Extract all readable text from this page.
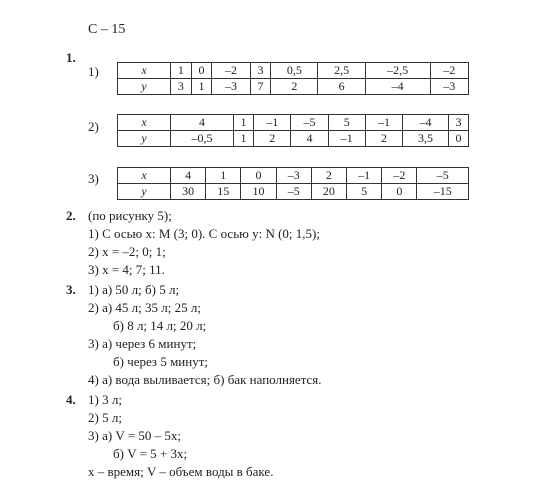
С – 15
1.
1)	x	1	0	–2	3	0,5	2,5	–2,5	–2
y	3	1	–3	7	2	6	–4	–3
2)	x	4	1	–1	–5	5	–1	–4	3
y	–0,5	1	2	4	–1	2	3,5	0
3)	x	4	1	0	–3	2	–1	–2	–5
y	30	15	10	–5	20	5	0	–15
2. (по рисунку 5);
1) С осью x: M (3; 0). С осью y: N (0; 1,5);
2) x = –2; 0; 1;
3) x = 4; 7; 11.
3. 1) а) 50 л; б) 5 л;
2) а) 45 л; 35 л; 25 л;
б) 8 л; 14 л; 20 л;
3) а) через 6 минут;
б) через 5 минут;
4) а) вода выливается; б) бак наполняется.
4. 1) 3 л;
2) 5 л;
3) а) V = 50 – 5x;
б) V = 5 + 3x;
x – время; V – объем воды в баке.
